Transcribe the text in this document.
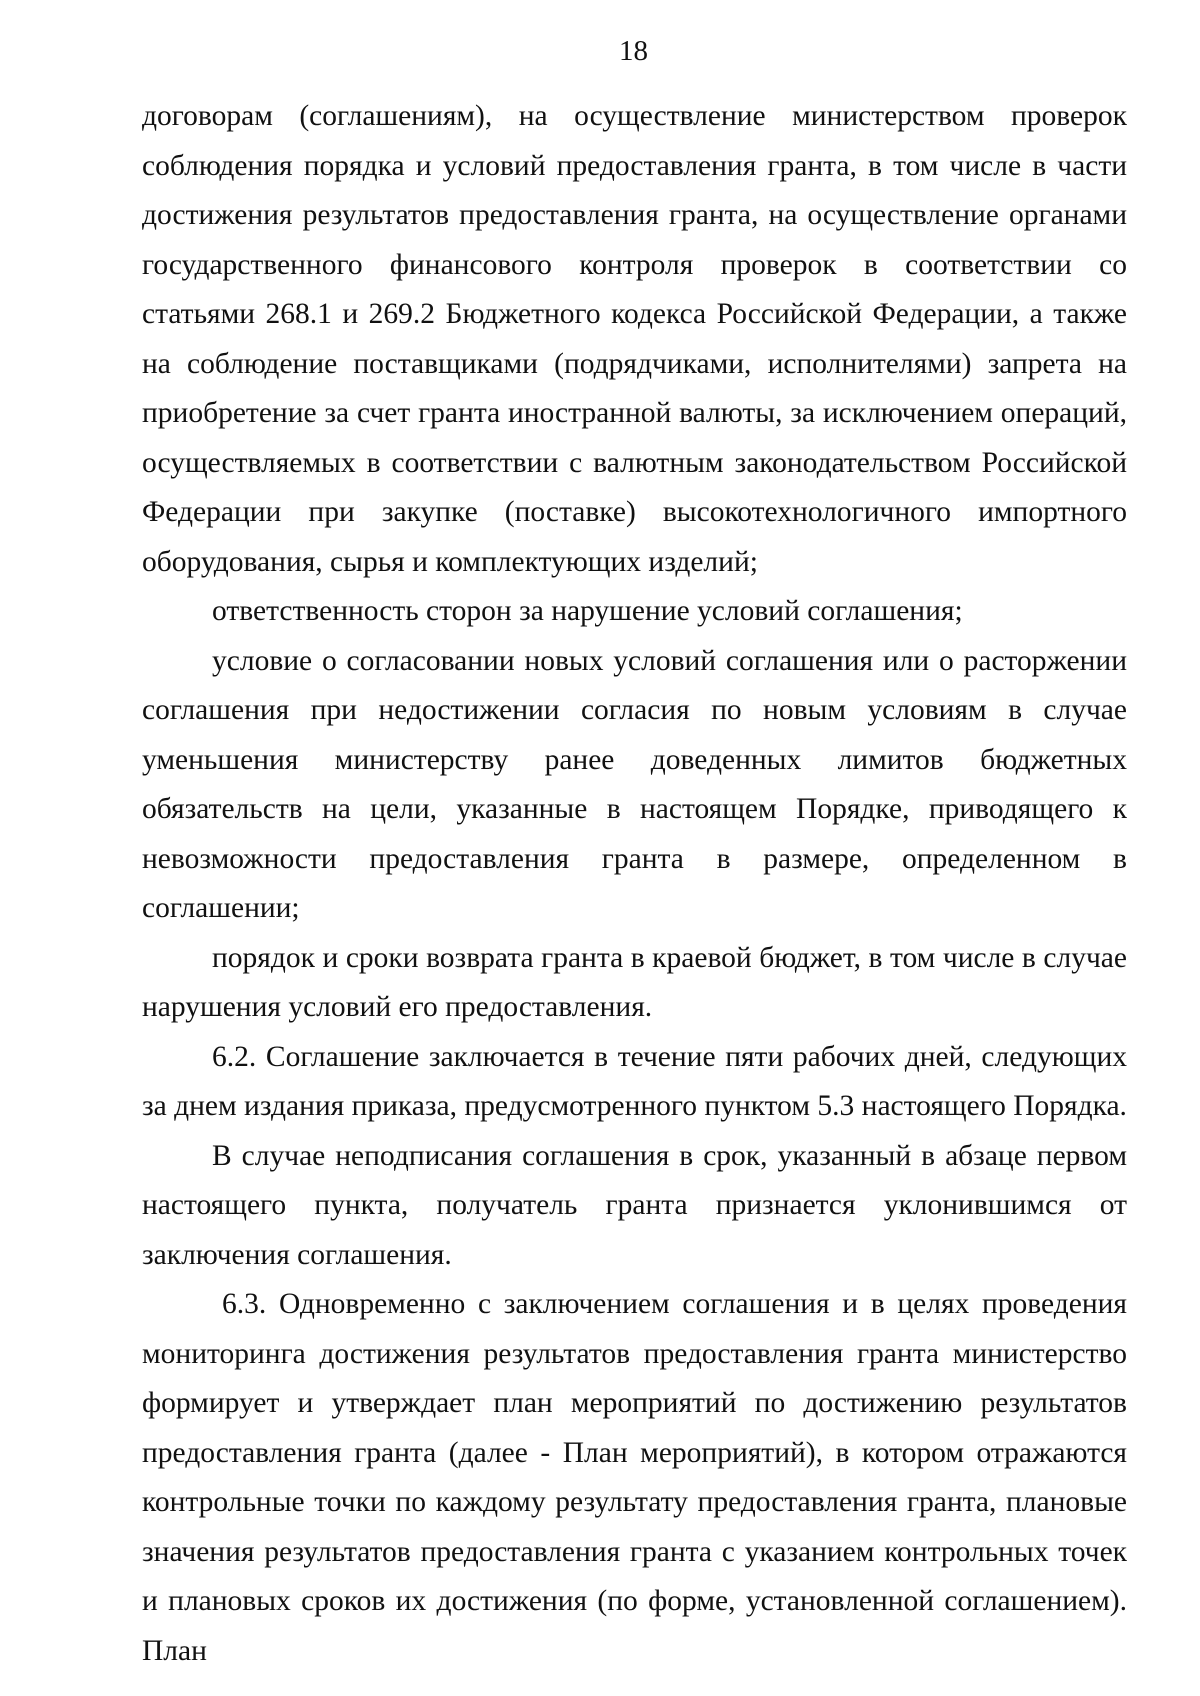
18

договорам (соглашениям), на осуществление министерством проверок соблюдения порядка и условий предоставления гранта, в том числе в части достижения результатов предоставления гранта, на осуществление органами государственного финансового контроля проверок в соответствии со статьями 268.1 и 269.2 Бюджетного кодекса Российской Федерации, а также на соблюдение поставщиками (подрядчиками, исполнителями) запрета на приобретение за счет гранта иностранной валюты, за исключением операций, осуществляемых в соответствии с валютным законодательством Российской Федерации при закупке (поставке) высокотехнологичного импортного оборудования, сырья и комплектующих изделий;

ответственность сторон за нарушение условий соглашения;

условие о согласовании новых условий соглашения или о расторжении соглашения при недостижении согласия по новым условиям в случае уменьшения министерству ранее доведенных лимитов бюджетных обязательств на цели, указанные в настоящем Порядке, приводящего к невозможности предоставления гранта в размере, определенном в соглашении;

порядок и сроки возврата гранта в краевой бюджет, в том числе в случае нарушения условий его предоставления.

6.2. Соглашение заключается в течение пяти рабочих дней, следующих за днем издания приказа, предусмотренного пунктом 5.3 настоящего Порядка.

В случае неподписания соглашения в срок, указанный в абзаце первом настоящего пункта, получатель гранта признается уклонившимся от заключения соглашения.

6.3. Одновременно с заключением соглашения и в целях проведения мониторинга достижения результатов предоставления гранта министерство формирует и утверждает план мероприятий по достижению результатов предоставления гранта (далее - План мероприятий), в котором отражаются контрольные точки по каждому результату предоставления гранта, плановые значения результатов предоставления гранта с указанием контрольных точек и плановых сроков их достижения (по форме, установленной соглашением). План
